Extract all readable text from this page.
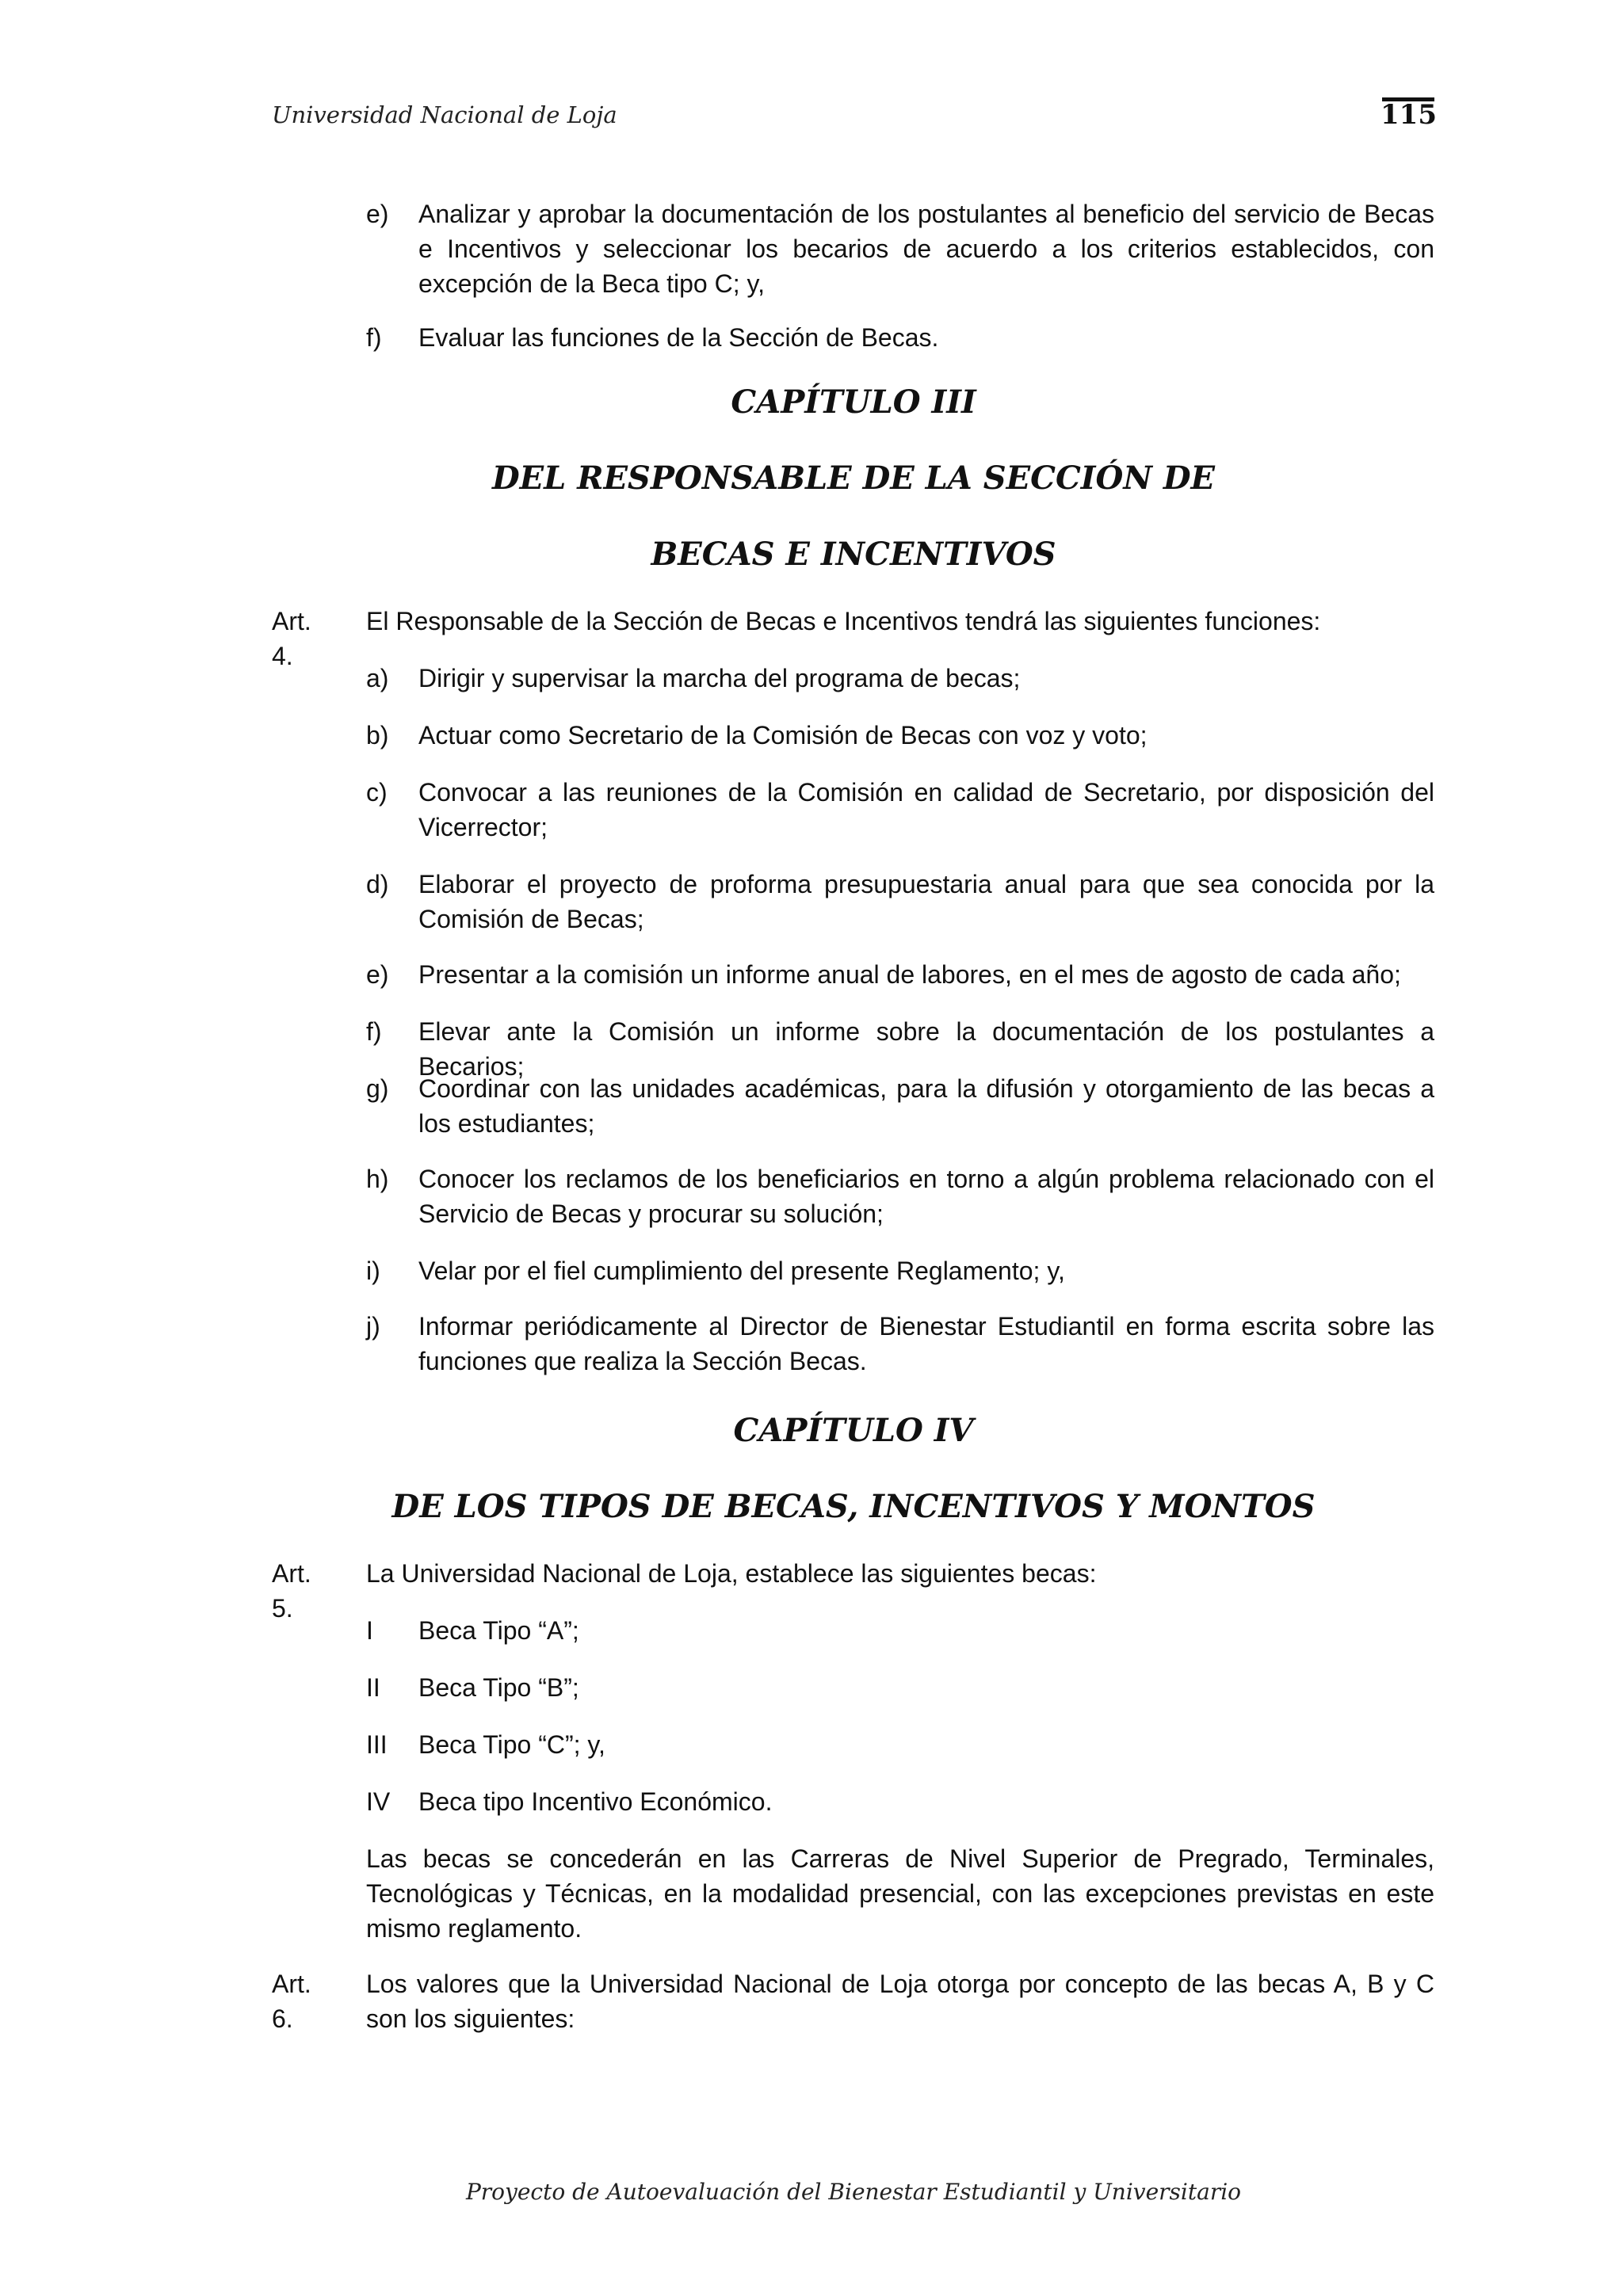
Universidad Nacional de Loja	115
e) Analizar y aprobar la documentación de los postulantes al beneficio del servicio de Becas e Incentivos y seleccionar los becarios de acuerdo a los criterios establecidos, con excepción de la Beca tipo C; y,
f) Evaluar las funciones de la Sección de Becas.
CAPÍTULO III
DEL RESPONSABLE DE LA SECCIÓN DE
BECAS E INCENTIVOS
Art. 4.
El Responsable de la Sección de Becas e Incentivos tendrá las siguientes funciones:
a) Dirigir y supervisar la marcha del programa de becas;
b) Actuar como Secretario de la Comisión de Becas con voz y voto;
c) Convocar a las reuniones de la Comisión en calidad de Secretario, por disposición del Vicerrector;
d) Elaborar el proyecto de proforma presupuestaria anual para que sea conocida por la Comisión de Becas;
e) Presentar a la comisión un informe anual de labores, en el mes de agosto de cada año;
f) Elevar ante la Comisión un informe sobre la documentación de los postulantes a Becarios;
g) Coordinar con las unidades académicas, para la difusión y otorgamiento de las becas a los estudiantes;
h) Conocer los reclamos de los beneficiarios en torno a algún problema relacionado con el Servicio de Becas y procurar su solución;
i) Velar por el fiel cumplimiento del presente Reglamento; y,
j) Informar periódicamente al Director de Bienestar Estudiantil en forma escrita sobre las funciones que realiza la Sección Becas.
CAPÍTULO IV
DE LOS TIPOS DE BECAS, INCENTIVOS Y MONTOS
Art. 5.
La Universidad Nacional de Loja, establece las siguientes becas:
I Beca Tipo “A”;
II Beca Tipo “B”;
III Beca Tipo “C”; y,
IV Beca tipo Incentivo Económico.
Las becas se concederán en las Carreras de Nivel Superior de Pregrado, Terminales, Tecnológicas y Técnicas, en la modalidad presencial, con las excepciones previstas en este mismo reglamento.
Art. 6.
Los valores que la Universidad Nacional de Loja otorga por concepto de las becas A, B y C son los siguientes:
Proyecto de Autoevaluación del Bienestar Estudiantil y Universitario
